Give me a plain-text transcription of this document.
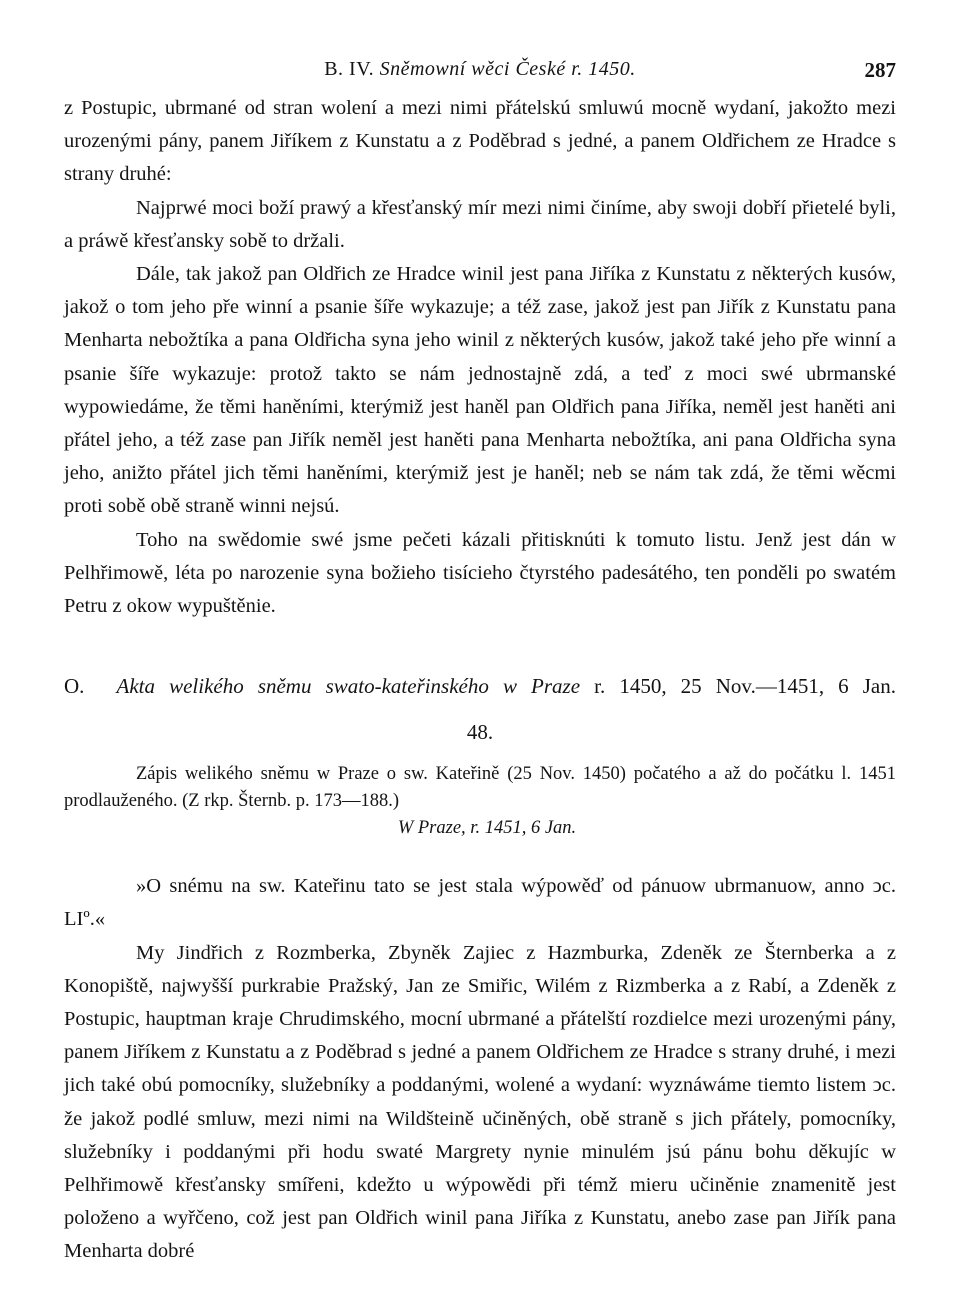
B. IV. Sněmowní wěci České r. 1450.	287

z Postupic, ubrmané od stran wolení a mezi nimi přátelskú smluwú mocně wydaní, jakožto mezi urozenými pány, panem Jiříkem z Kunstatu a z Poděbrad s jedné, a panem Oldřichem ze Hradce s strany druhé:

Najprwé moci boží prawý a křesťanský mír mezi nimi činíme, aby swoji dobří přietelé byli, a práwě křesťansky sobě to držali.

Dále, tak jakož pan Oldřich ze Hradce winil jest pana Jiříka z Kunstatu z některých kusów, jakož o tom jeho pře winní a psanie šíře wykazuje; a též zase, jakož jest pan Jiřík z Kunstatu pana Menharta nebožtíka a pana Oldřicha syna jeho winil z některých kusów, jakož také jeho pře winní a psanie šíře wykazuje: protož takto se nám jednostajně zdá, a teď z moci swé ubrmanské wypowiedáme, že těmi haněními, kterýmiž jest haněl pan Oldřich pana Jiříka, neměl jest haněti ani přátel jeho, a též zase pan Jiřík neměl jest haněti pana Menharta nebožtíka, ani pana Oldřicha syna jeho, anižto přátel jich těmi haněními, kterýmiž jest je haněl; neb se nám tak zdá, že těmi wěcmi proti sobě obě straně winni nejsú.

Toho na swědomie swé jsme pečeti kázali přitisknúti k tomuto listu. Jenž jest dán w Pelhřimowě, léta po narozenie syna božieho tisícieho čtyrstého padesátého, ten ponděli po swatém Petru z okow wypuštěnie.

O. Akta welikého sněmu swato-kateřinského w Praze r. 1450, 25 Nov.—1451, 6 Jan.
48.
Zápis welikého sněmu w Praze o sw. Kateřině (25 Nov. 1450) počatého a až do počátku l. 1451 prodlauženého. (Z rkp. Šternb. p. 173—188.)
W Praze, r. 1451, 6 Jan.

»O snému na sw. Kateřinu tato se jest stala wýpowěď od pánuow ubrmanuow, anno ↄc. LIº.«

My Jindřich z Rozmberka, Zbyněk Zajiec z Hazmburka, Zdeněk ze Šternberka a z Konopiště, najwyšší purkrabie Pražský, Jan ze Smiřic, Wilém z Rizmberka a z Rabí, a Zdeněk z Postupic, hauptman kraje Chrudimského, mocní ubrmané a přátelští rozdielce mezi urozenými pány, panem Jiříkem z Kunstatu a z Poděbrad s jedné a panem Oldřichem ze Hradce s strany druhé, i mezi jich také obú pomocníky, služebníky a poddanými, wolené a wydaní: wyznáwáme tiemto listem ↄc. že jakož podlé smluw, mezi nimi na Wildšteině učiněných, obě straně s jich přátely, pomocníky, služebníky i poddanými při hodu swaté Margrety nynie minulém jsú pánu bohu děkujíc w Pelhřimowě křesťansky smířeni, kdežto u wýpowědi při témž mieru učiněnie znamenitě jest položeno a wyřčeno, což jest pan Oldřich winil pana Jiříka z Kunstatu, anebo zase pan Jiřík pana Menharta dobré
